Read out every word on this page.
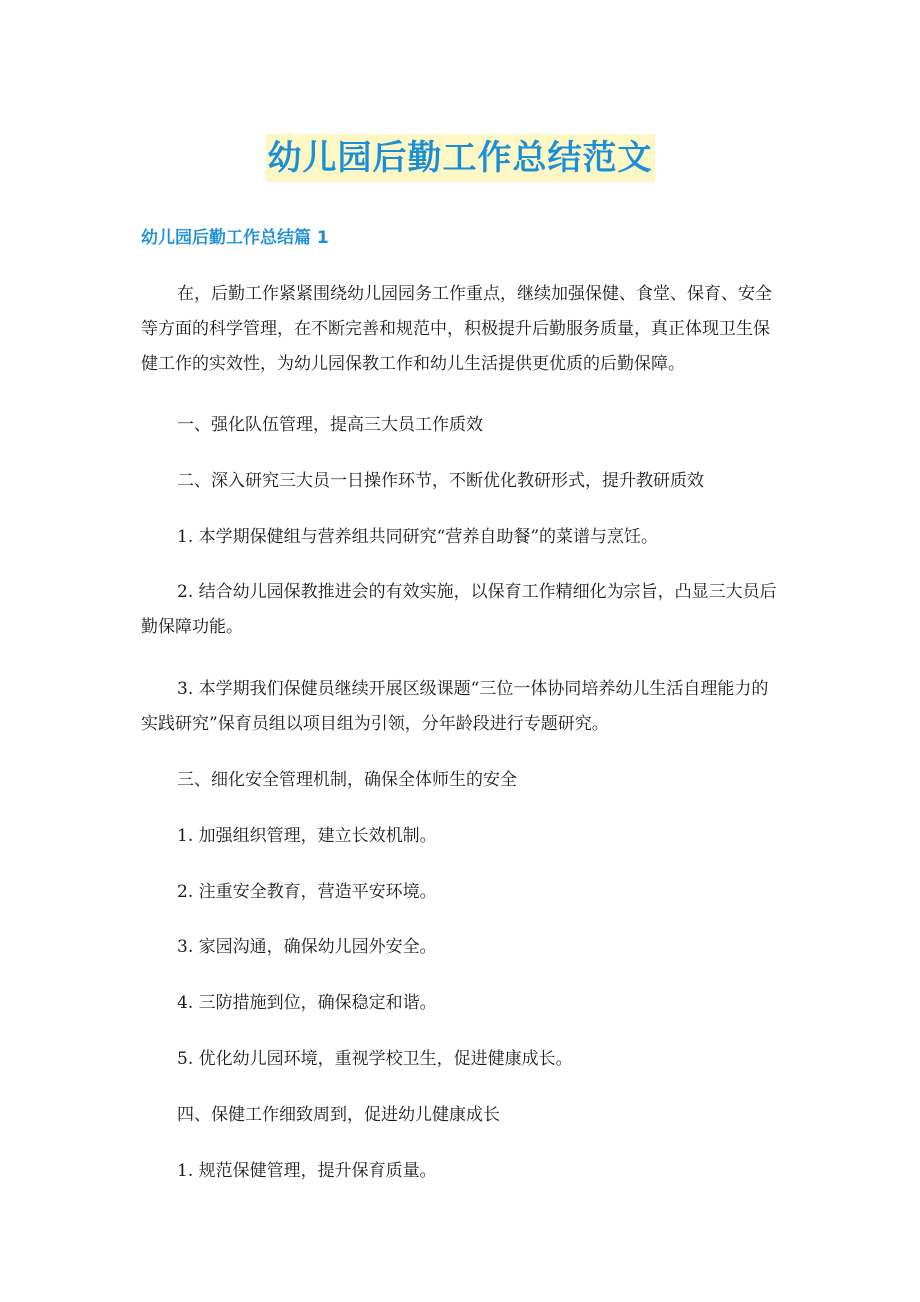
幼儿园后勤工作总结范文
幼儿园后勤工作总结篇 1

在，后勤工作紧紧围绕幼儿园园务工作重点，继续加强保健、食堂、保育、安全等方面的科学管理，在不断完善和规范中，积极提升后勤服务质量，真正体现卫生保健工作的实效性，为幼儿园保教工作和幼儿生活提供更优质的后勤保障。

一、强化队伍管理，提高三大员工作质效

二、深入研究三大员一日操作环节，不断优化教研形式，提升教研质效

1. 本学期保健组与营养组共同研究“营养自助餐”的菜谱与烹饪。

2. 结合幼儿园保教推进会的有效实施，以保育工作精细化为宗旨，凸显三大员后勤保障功能。

3. 本学期我们保健员继续开展区级课题“三位一体协同培养幼儿生活自理能力的实践研究”保育员组以项目组为引领，分年龄段进行专题研究。

三、细化安全管理机制，确保全体师生的安全

1. 加强组织管理，建立长效机制。

2. 注重安全教育，营造平安环境。

3. 家园沟通，确保幼儿园外安全。

4. 三防措施到位，确保稳定和谐。

5. 优化幼儿园环境，重视学校卫生，促进健康成长。

四、保健工作细致周到，促进幼儿健康成长

1. 规范保健管理，提升保育质量。
